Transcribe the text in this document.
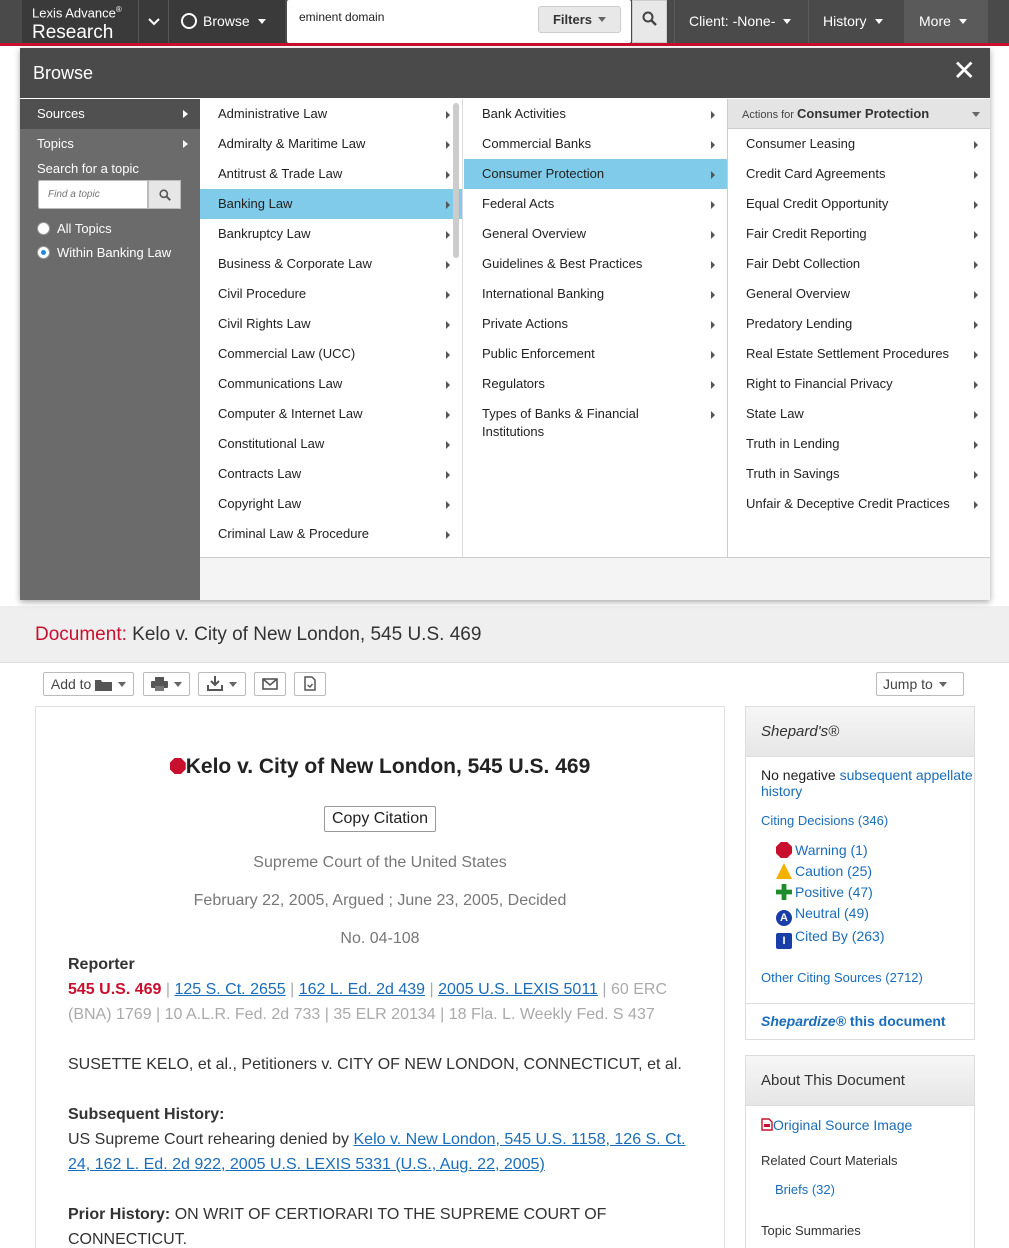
Lexis Advance®
Research
Browse
eminent domain	Filters	Client: -None-	History	More
Document: Kelo v. City of New London, 545 U.S. 469
Add to	Jump to
Kelo v. City of New London, 545 U.S. 469
Copy Citation
Supreme Court of the United States
February 22, 2005, Argued ; June 23, 2005, Decided
No. 04-108
Reporter
545 U.S. 469 | 125 S. Ct. 2655 | 162 L. Ed. 2d 439 | 2005 U.S. LEXIS 5011 | 60 ERC (BNA) 1769 | 10 A.L.R. Fed. 2d 733 | 35 ELR 20134 | 18 Fla. L. Weekly Fed. S 437
SUSETTE KELO, et al., Petitioners v. CITY OF NEW LONDON, CONNECTICUT, et al.
Subsequent History:
US Supreme Court rehearing denied by Kelo v. New London, 545 U.S. 1158, 126 S. Ct. 24, 162 L. Ed. 2d 922, 2005 U.S. LEXIS 5331 (U.S., Aug. 22, 2005)
Prior History: ON WRIT OF CERTIORARI TO THE SUPREME COURT OF CONNECTICUT.
Shepard's®
No negative subsequent appellate history
Citing Decisions (346)
Warning (1)
Caution (25)
Positive (47)
A Neutral (49)
I Cited By (263)
Other Citing Sources (2712)
Shepardize® this document
About This Document
Original Source Image
Related Court Materials
Briefs (32)
Topic Summaries
Browse	✕
Sources
Topics
Search for a topic
Find a topic
All Topics
Within Banking Law
Administrative Law
Admiralty & Maritime Law
Antitrust & Trade Law
Banking Law
Bankruptcy Law
Business & Corporate Law
Civil Procedure
Civil Rights Law
Commercial Law (UCC)
Communications Law
Computer & Internet Law
Constitutional Law
Contracts Law
Copyright Law
Criminal Law & Procedure
Bank Activities
Commercial Banks
Consumer Protection
Federal Acts
General Overview
Guidelines & Best Practices
International Banking
Private Actions
Public Enforcement
Regulators
Types of Banks & Financial Institutions
Actions for Consumer Protection
Consumer Leasing
Credit Card Agreements
Equal Credit Opportunity
Fair Credit Reporting
Fair Debt Collection
General Overview
Predatory Lending
Real Estate Settlement Procedures
Right to Financial Privacy
State Law
Truth in Lending
Truth in Savings
Unfair & Deceptive Credit Practices
